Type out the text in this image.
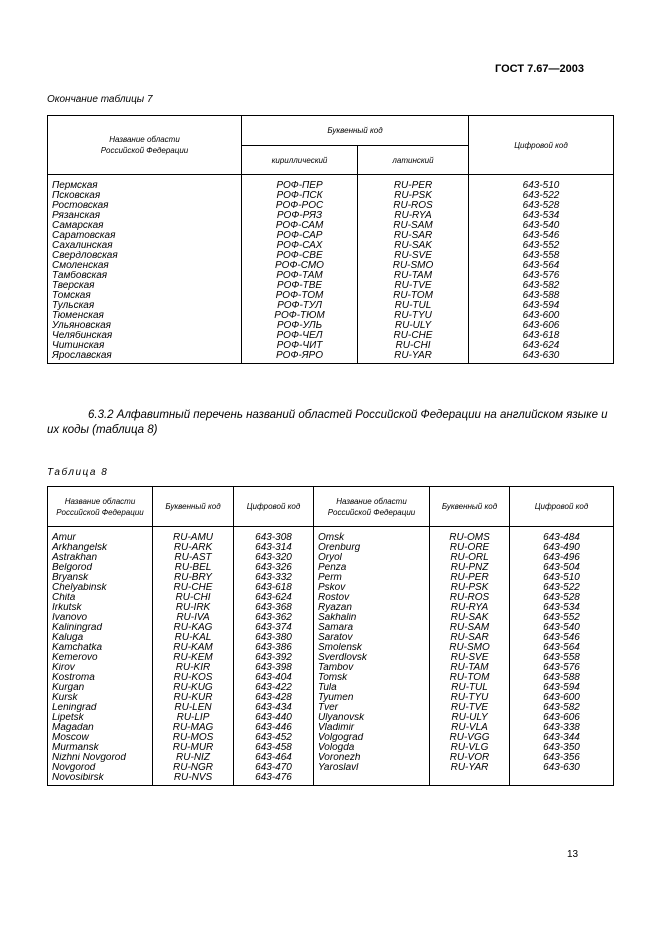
ГОСТ 7.67—2003
Окончание таблицы 7
Название области
Российской Федерации	Буквенный код		Цифровой код
	кириллический	латинский	
Пермская	РОФ-ПЕР	RU-PER	643-510
Псковская	РОФ-ПСК	RU-PSK	643-522
Ростовская	РОФ-РОС	RU-ROS	643-528
Рязанская	РОФ-РЯЗ	RU-RYA	643-534
Самарская	РОФ-САМ	RU-SAM	643-540
Саратовская	РОФ-САР	RU-SAR	643-546
Сахалинская	РОФ-САХ	RU-SAK	643-552
Свердловская	РОФ-СВЕ	RU-SVE	643-558
Смоленская	РОФ-СМО	RU-SMO	643-564
Тамбовская	РОФ-ТАМ	RU-TAM	643-576
Тверская	РОФ-ТВЕ	RU-TVE	643-582
Томская	РОФ-ТОМ	RU-TOM	643-588
Тульская	РОФ-ТУЛ	RU-TUL	643-594
Тюменская	РОФ-ТЮМ	RU-TYU	643-600
Ульяновская	РОФ-УЛЬ	RU-ULY	643-606
Челябинская	РОФ-ЧЕЛ	RU-CHE	643-618
Читинская	РОФ-ЧИТ	RU-CHI	643-624
Ярославская	РОФ-ЯРО	RU-YAR	643-630
6.3.2 Алфавитный перечень названий областей Российской Федерации на английском языке и их коды (таблица 8)
Таблица 8
Название области
Российской Федерации	Буквенный код	Цифровой код	Название области
Российской Федерации	Буквенный код	Цифровой код
Amur	RU-AMU	643-308	Omsk	RU-OMS	643-484
Arkhangelsk	RU-ARK	643-314	Orenburg	RU-ORE	643-490
Astrakhan	RU-AST	643-320	Oryol	RU-ORL	643-496
Belgorod	RU-BEL	643-326	Penza	RU-PNZ	643-504
Bryansk	RU-BRY	643-332	Perm	RU-PER	643-510
Chelyabinsk	RU-CHE	643-618	Pskov	RU-PSK	643-522
Chita	RU-CHI	643-624	Rostov	RU-ROS	643-528
Irkutsk	RU-IRK	643-368	Ryazan	RU-RYA	643-534
Ivanovo	RU-IVA	643-362	Sakhalin	RU-SAK	643-552
Kaliningrad	RU-KAG	643-374	Samara	RU-SAM	643-540
Kaluga	RU-KAL	643-380	Saratov	RU-SAR	643-546
Kamchatka	RU-KAM	643-386	Smolensk	RU-SMO	643-564
Kemerovo	RU-KEM	643-392	Sverdlovsk	RU-SVE	643-558
Kirov	RU-KIR	643-398	Tambov	RU-TAM	643-576
Kostroma	RU-KOS	643-404	Tomsk	RU-TOM	643-588
Kurgan	RU-KUG	643-422	Tula	RU-TUL	643-594
Kursk	RU-KUR	643-428	Tyumen	RU-TYU	643-600
Leningrad	RU-LEN	643-434	Tver	RU-TVE	643-582
Lipetsk	RU-LIP	643-440	Ulyanovsk	RU-ULY	643-606
Magadan	RU-MAG	643-446	Vladimir	RU-VLA	643-338
Moscow	RU-MOS	643-452	Volgograd	RU-VGG	643-344
Murmansk	RU-MUR	643-458	Vologda	RU-VLG	643-350
Nizhni Novgorod	RU-NIZ	643-464	Voronezh	RU-VOR	643-356
Novgorod	RU-NGR	643-470	Yaroslavl	RU-YAR	643-630
Novosibirsk	RU-NVS	643-476			
13
